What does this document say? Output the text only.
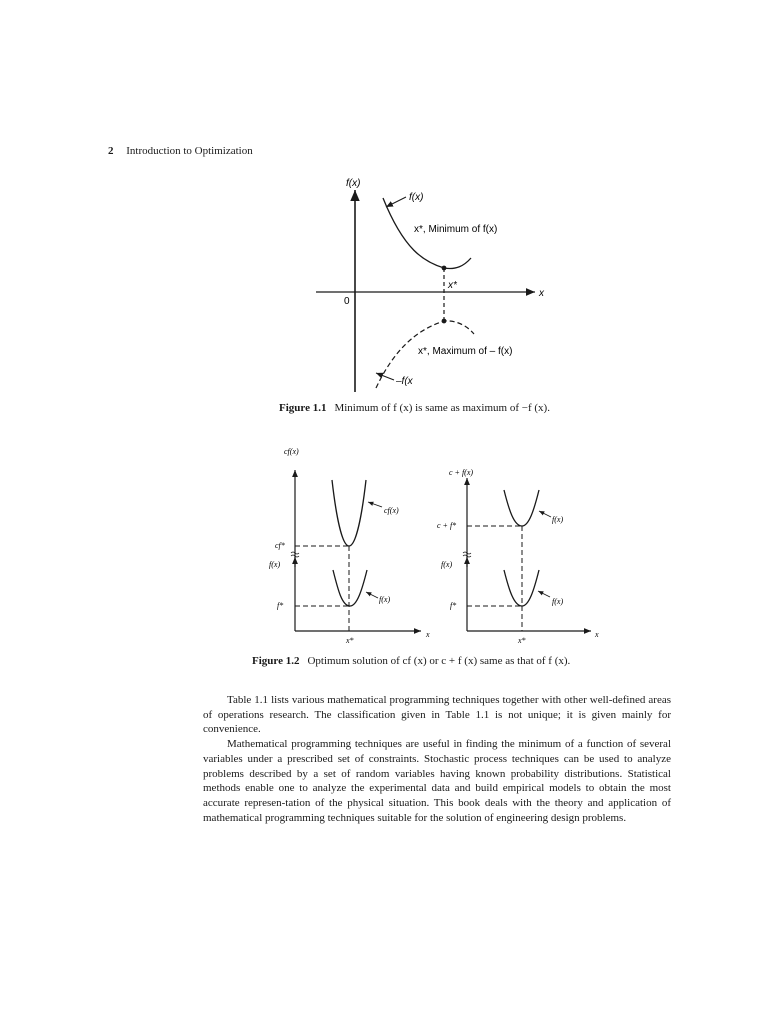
2 Introduction to Optimization
f(x)
x
0
f(x)
x*, Minimum of f(x)
x*
x*, Maximum of – f(x)
–f(x
Figure 1.1 Minimum of f (x) is same as maximum of −f (x).
cf(x)
cf(x)
cf*
f(x)
f(x)
f*
x*
x
c + f(x)
f(x)
c + f*
f(x)
f(x)
f*
x*
x
Figure 1.2 Optimum solution of cf (x) or c + f (x) same as that of f (x).

Table 1.1 lists various mathematical programming techniques together with other well-defined areas of operations research. The classification given in Table 1.1 is not unique; it is given mainly for convenience.

Mathematical programming techniques are useful in finding the minimum of a function of several variables under a prescribed set of constraints. Stochastic process techniques can be used to analyze problems described by a set of random variables having known probability distributions. Statistical methods enable one to analyze the experimental data and build empirical models to obtain the most accurate represen-tation of the physical situation. This book deals with the theory and application of mathematical programming techniques suitable for the solution of engineering design problems.
